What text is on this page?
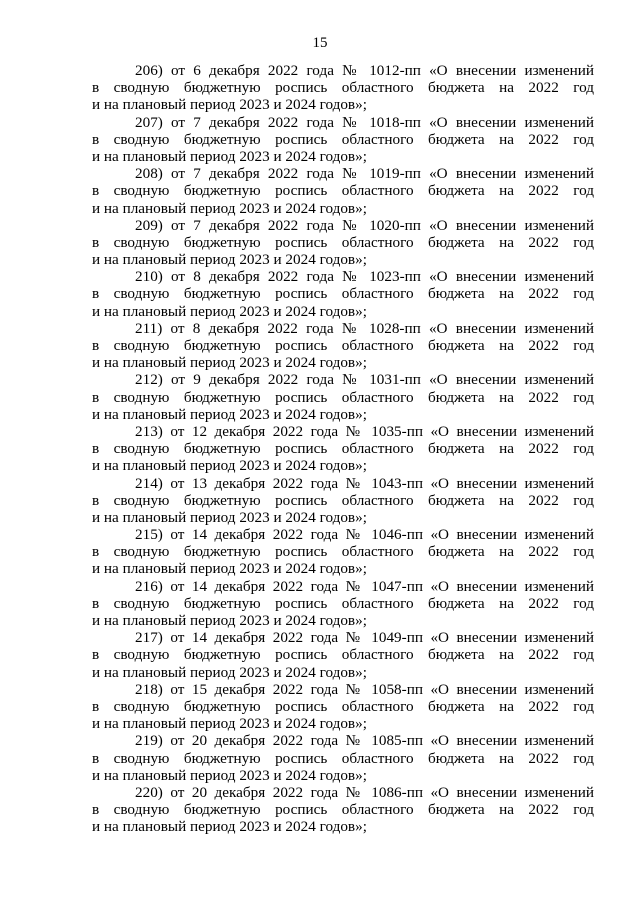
15
206) от 6 декабря 2022 года № 1012-пп «О внесении изменений
в сводную бюджетную роспись областного бюджета на 2022 год
и на плановый период 2023 и 2024 годов»;
207) от 7 декабря 2022 года № 1018-пп «О внесении изменений
в сводную бюджетную роспись областного бюджета на 2022 год
и на плановый период 2023 и 2024 годов»;
208) от 7 декабря 2022 года № 1019-пп «О внесении изменений
в сводную бюджетную роспись областного бюджета на 2022 год
и на плановый период 2023 и 2024 годов»;
209) от 7 декабря 2022 года № 1020-пп «О внесении изменений
в сводную бюджетную роспись областного бюджета на 2022 год
и на плановый период 2023 и 2024 годов»;
210) от 8 декабря 2022 года № 1023-пп «О внесении изменений
в сводную бюджетную роспись областного бюджета на 2022 год
и на плановый период 2023 и 2024 годов»;
211) от 8 декабря 2022 года № 1028-пп «О внесении изменений
в сводную бюджетную роспись областного бюджета на 2022 год
и на плановый период 2023 и 2024 годов»;
212) от 9 декабря 2022 года № 1031-пп «О внесении изменений
в сводную бюджетную роспись областного бюджета на 2022 год
и на плановый период 2023 и 2024 годов»;
213) от 12 декабря 2022 года № 1035-пп «О внесении изменений
в сводную бюджетную роспись областного бюджета на 2022 год
и на плановый период 2023 и 2024 годов»;
214) от 13 декабря 2022 года № 1043-пп «О внесении изменений
в сводную бюджетную роспись областного бюджета на 2022 год
и на плановый период 2023 и 2024 годов»;
215) от 14 декабря 2022 года № 1046-пп «О внесении изменений
в сводную бюджетную роспись областного бюджета на 2022 год
и на плановый период 2023 и 2024 годов»;
216) от 14 декабря 2022 года № 1047-пп «О внесении изменений
в сводную бюджетную роспись областного бюджета на 2022 год
и на плановый период 2023 и 2024 годов»;
217) от 14 декабря 2022 года № 1049-пп «О внесении изменений
в сводную бюджетную роспись областного бюджета на 2022 год
и на плановый период 2023 и 2024 годов»;
218) от 15 декабря 2022 года № 1058-пп «О внесении изменений
в сводную бюджетную роспись областного бюджета на 2022 год
и на плановый период 2023 и 2024 годов»;
219) от 20 декабря 2022 года № 1085-пп «О внесении изменений
в сводную бюджетную роспись областного бюджета на 2022 год
и на плановый период 2023 и 2024 годов»;
220) от 20 декабря 2022 года № 1086-пп «О внесении изменений
в сводную бюджетную роспись областного бюджета на 2022 год
и на плановый период 2023 и 2024 годов»;
